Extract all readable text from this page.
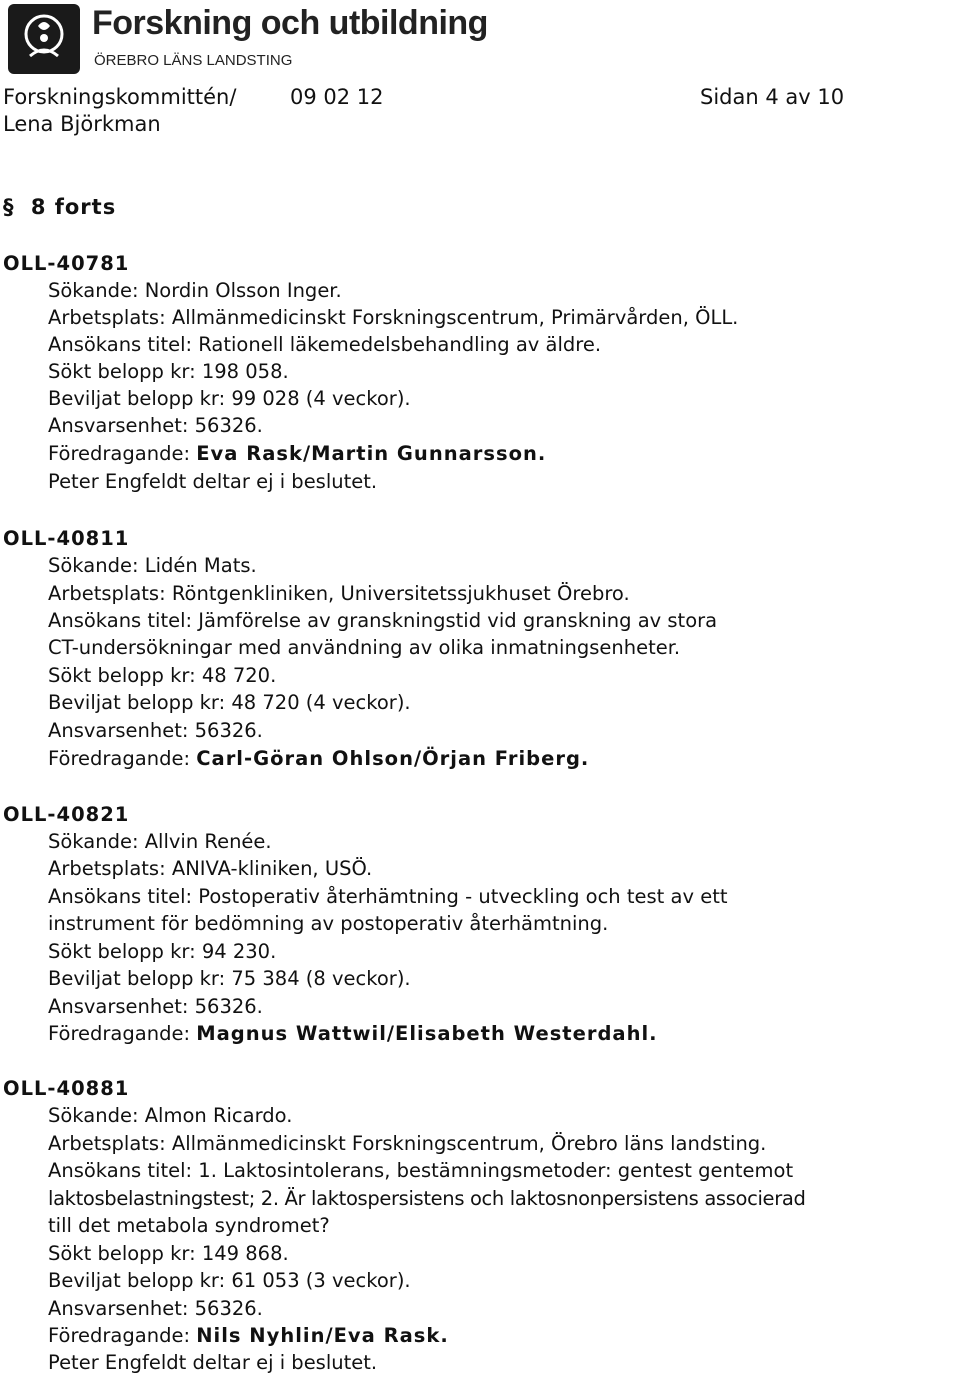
Forskning och utbildning
ÖREBRO LÄNS LANDSTING
Forskningskommittén/	09 02 12	Sidan 4 av 10
Lena Björkman
§ 8 forts
OLL-40781
Sökande: Nordin Olsson Inger.
Arbetsplats: Allmänmedicinskt Forskningscentrum, Primärvården, ÖLL.
Ansökans titel: Rationell läkemedelsbehandling av äldre.
Sökt belopp kr: 198 058.
Beviljat belopp kr: 99 028 (4 veckor).
Ansvarsenhet: 56326.
Föredragande: Eva Rask/Martin Gunnarsson.
Peter Engfeldt deltar ej i beslutet.
OLL-40811
Sökande: Lidén Mats.
Arbetsplats: Röntgenkliniken, Universitetssjukhuset Örebro.
Ansökans titel: Jämförelse av granskningstid vid granskning av stora
CT-undersökningar med användning av olika inmatningsenheter.
Sökt belopp kr: 48 720.
Beviljat belopp kr: 48 720 (4 veckor).
Ansvarsenhet: 56326.
Föredragande: Carl-Göran Ohlson/Örjan Friberg.
OLL-40821
Sökande: Allvin Renée.
Arbetsplats: ANIVA-kliniken, USÖ.
Ansökans titel: Postoperativ återhämtning - utveckling och test av ett
instrument för bedömning av postoperativ återhämtning.
Sökt belopp kr: 94 230.
Beviljat belopp kr: 75 384 (8 veckor).
Ansvarsenhet: 56326.
Föredragande: Magnus Wattwil/Elisabeth Westerdahl.
OLL-40881
Sökande: Almon Ricardo.
Arbetsplats: Allmänmedicinskt Forskningscentrum, Örebro läns landsting.
Ansökans titel: 1. Laktosintolerans, bestämningsmetoder: gentest gentemot
laktosbelastningstest; 2. Är laktospersistens och laktosnonpersistens associerad
till det metabola syndromet?
Sökt belopp kr: 149 868.
Beviljat belopp kr: 61 053 (3 veckor).
Ansvarsenhet: 56326.
Föredragande: Nils Nyhlin/Eva Rask.
Peter Engfeldt deltar ej i beslutet.
